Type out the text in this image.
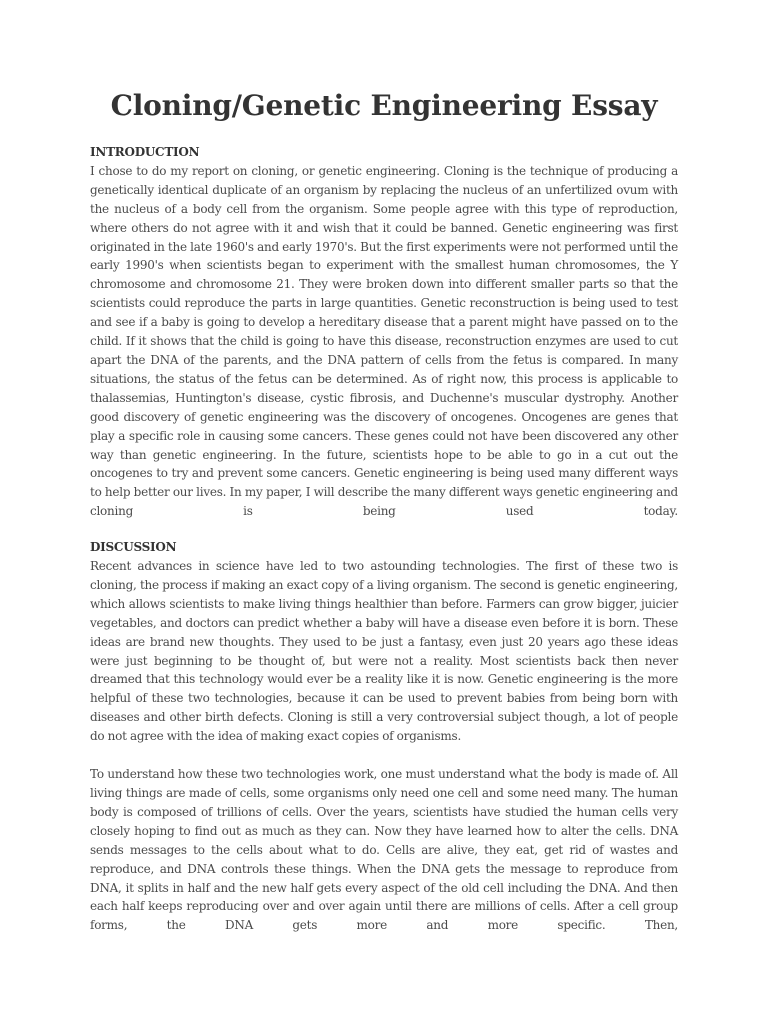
Cloning/Genetic Engineering Essay
INTRODUCTION

I chose to do my report on cloning, or genetic engineering. Cloning is the technique of producing a genetically identical duplicate of an organism by replacing the nucleus of an unfertilized ovum with the nucleus of a body cell from the organism. Some people agree with this type of reproduction, where others do not agree with it and wish that it could be banned. Genetic engineering was first originated in the late 1960's and early 1970's. But the first experiments were not performed until the early 1990's when scientists began to experiment with the smallest human chromosomes, the Y chromosome and chromosome 21. They were broken down into different smaller parts so that the scientists could reproduce the parts in large quantities. Genetic reconstruction is being used to test and see if a baby is going to develop a hereditary disease that a parent might have passed on to the child. If it shows that the child is going to have this disease, reconstruction enzymes are used to cut apart the DNA of the parents, and the DNA pattern of cells from the fetus is compared. In many situations, the status of the fetus can be determined. As of right now, this process is applicable to thalassemias, Huntington's disease, cystic fibrosis, and Duchenne's muscular dystrophy. Another good discovery of genetic engineering was the discovery of oncogenes. Oncogenes are genes that play a specific role in causing some cancers. These genes could not have been discovered any other way than genetic engineering. In the future, scientists hope to be able to go in a cut out the oncogenes to try and prevent some cancers. Genetic engineering is being used many different ways to help better our lives. In my paper, I will describe the many different ways genetic engineering and cloning is being used today.

DISCUSSION

Recent advances in science have led to two astounding technologies. The first of these two is cloning, the process if making an exact copy of a living organism. The second is genetic engineering, which allows scientists to make living things healthier than before. Farmers can grow bigger, juicier vegetables, and doctors can predict whether a baby will have a disease even before it is born. These ideas are brand new thoughts. They used to be just a fantasy, even just 20 years ago these ideas were just beginning to be thought of, but were not a reality. Most scientists back then never dreamed that this technology would ever be a reality like it is now. Genetic engineering is the more helpful of these two technologies, because it can be used to prevent babies from being born with diseases and other birth defects. Cloning is still a very controversial subject though, a lot of people do not agree with the idea of making exact copies of organisms.

To understand how these two technologies work, one must understand what the body is made of. All living things are made of cells, some organisms only need one cell and some need many. The human body is composed of trillions of cells. Over the years, scientists have studied the human cells very closely hoping to find out as much as they can. Now they have learned how to alter the cells. DNA sends messages to the cells about what to do. Cells are alive, they eat, get rid of wastes and reproduce, and DNA controls these things. When the DNA gets the message to reproduce from DNA, it splits in half and the new half gets every aspect of the old cell including the DNA. And then each half keeps reproducing over and over again until there are millions of cells. After a cell group forms, the DNA gets more and more specific. Then,
